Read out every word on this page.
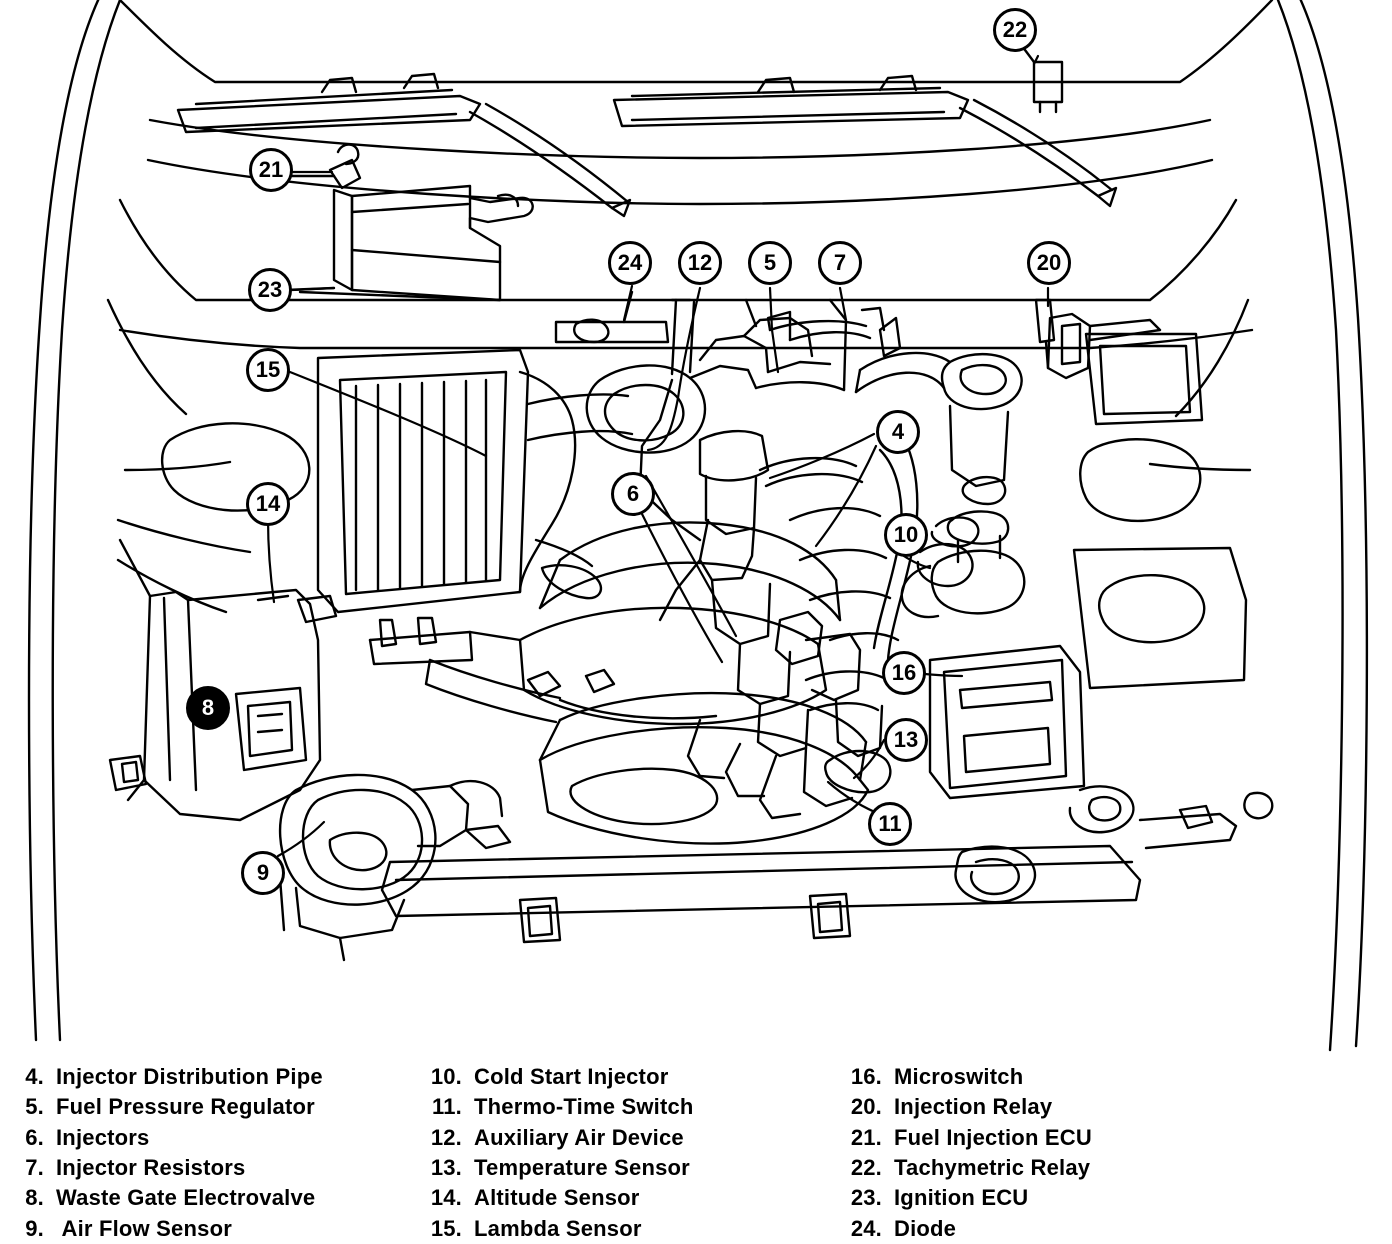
22
21
23
24	12	5	7	20
15
4
14	6
10
8
16
13
11
9
4. Injector Distribution Pipe
5. Fuel Pressure Regulator
6. Injectors
7. Injector Resistors
8. Waste Gate Electrovalve
9. Air Flow Sensor
10. Cold Start Injector
11. Thermo-Time Switch
12. Auxiliary Air Device
13. Temperature Sensor
14. Altitude Sensor
15. Lambda Sensor
16. Microswitch
20. Injection Relay
21. Fuel Injection ECU
22. Tachymetric Relay
23. Ignition ECU
24. Diode
